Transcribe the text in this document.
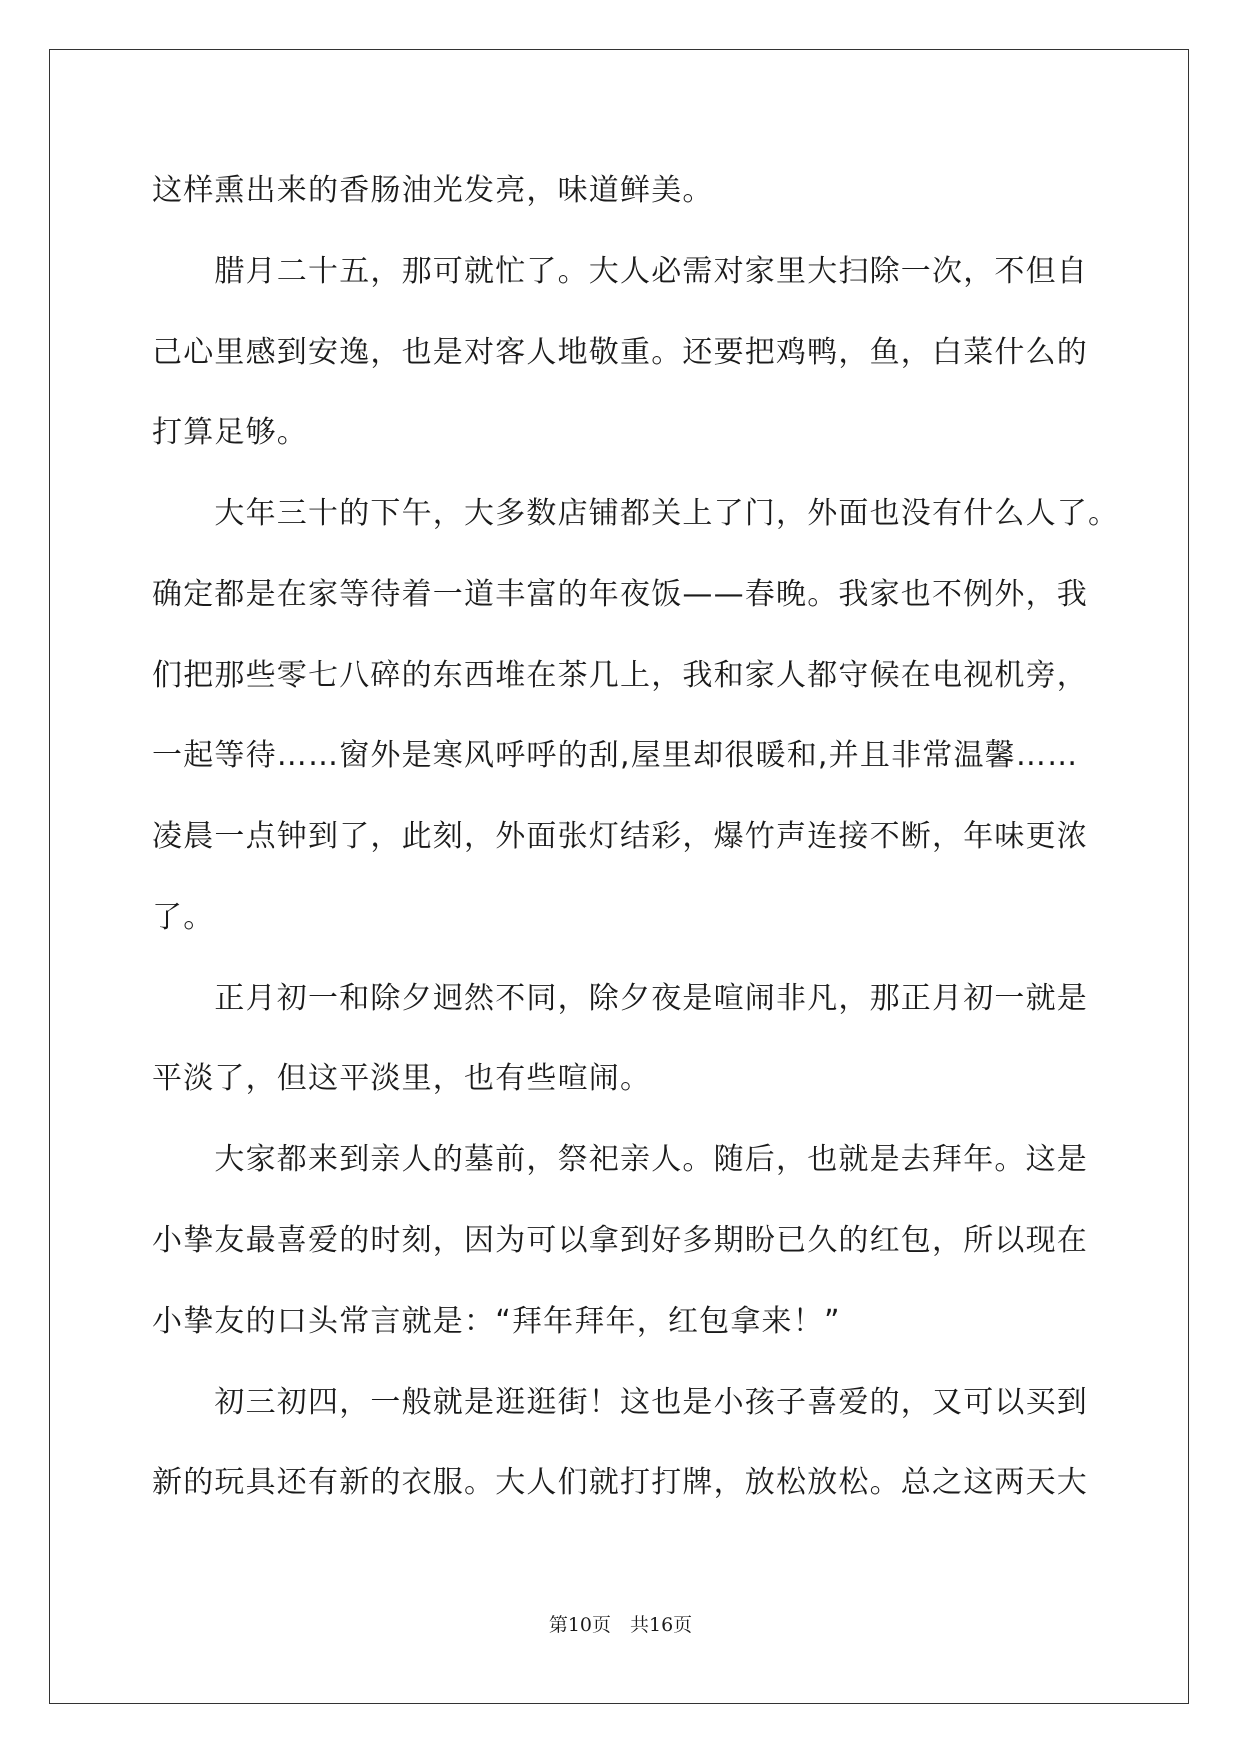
这样熏出来的香肠油光发亮，味道鲜美。
　　腊月二十五，那可就忙了。大人必需对家里大扫除一次，不但自
己心里感到安逸，也是对客人地敬重。还要把鸡鸭，鱼，白菜什么的
打算足够。
　　大年三十的下午，大多数店铺都关上了门，外面也没有什么人了。
确定都是在家等待着一道丰富的年夜饭——春晚。我家也不例外，我
们把那些零七八碎的东西堆在茶几上，我和家人都守候在电视机旁，
一起等待……窗外是寒风呼呼的刮,屋里却很暖和,并且非常温馨……
凌晨一点钟到了，此刻，外面张灯结彩，爆竹声连接不断，年味更浓
了。
　　正月初一和除夕迥然不同，除夕夜是喧闹非凡，那正月初一就是
平淡了，但这平淡里，也有些喧闹。
　　大家都来到亲人的墓前，祭祀亲人。随后，也就是去拜年。这是
小挚友最喜爱的时刻，因为可以拿到好多期盼已久的红包，所以现在
小挚友的口头常言就是：“拜年拜年，红包拿来！”
　　初三初四，一般就是逛逛街！这也是小孩子喜爱的，又可以买到
新的玩具还有新的衣服。大人们就打打牌，放松放松。总之这两天大
第10页　共16页
